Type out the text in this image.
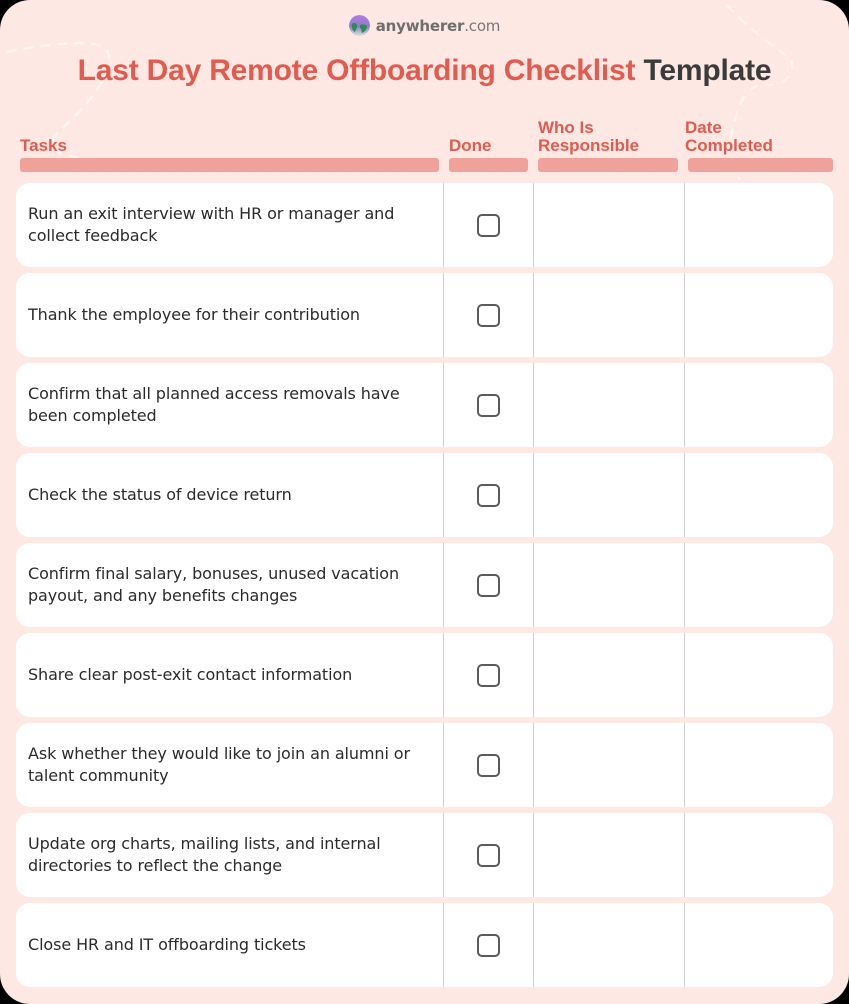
anywherer.com
Last Day Remote Offboarding Checklist Template
Tasks	Done
Who Is
Responsible
Date
Completed
Run an exit interview with HR or manager and collect feedback
Thank the employee for their contribution
Confirm that all planned access removals have been completed
Check the status of device return
Confirm final salary, bonuses, unused vacation payout, and any benefits changes
Share clear post-exit contact information
Ask whether they would like to join an alumni or talent community
Update org charts, mailing lists, and internal directories to reflect the change
Close HR and IT offboarding tickets
